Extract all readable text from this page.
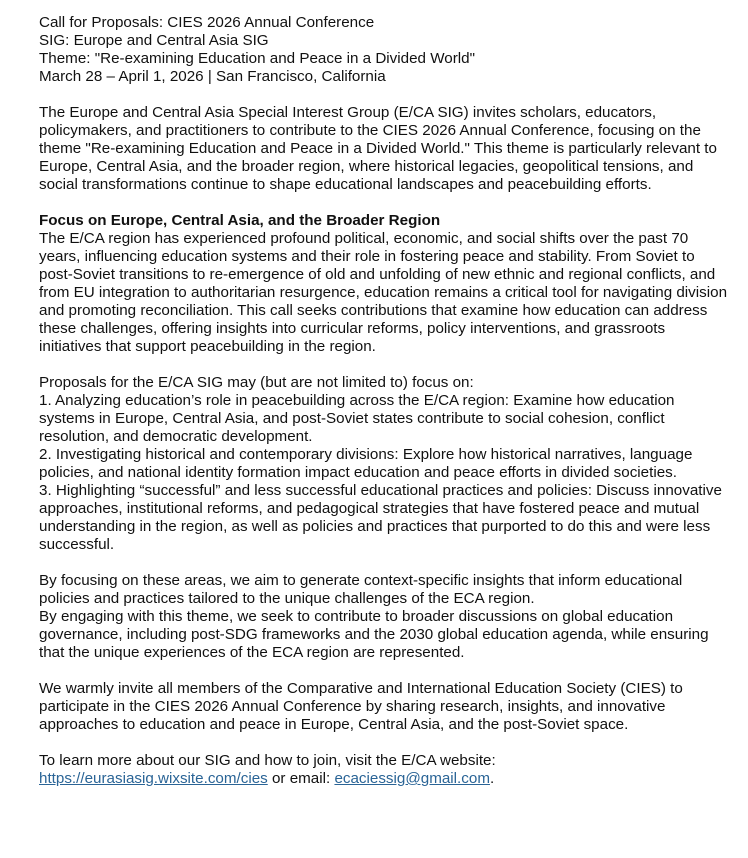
Call for Proposals: CIES 2026 Annual Conference

SIG: Europe and Central Asia SIG

Theme: "Re-examining Education and Peace in a Divided World"

March 28 – April 1, 2026 | San Francisco, California

The Europe and Central Asia Special Interest Group (E/CA SIG) invites scholars, educators, policymakers, and practitioners to contribute to the CIES 2026 Annual Conference, focusing on the theme "Re-examining Education and Peace in a Divided World." This theme is particularly relevant to Europe, Central Asia, and the broader region, where historical legacies, geopolitical tensions, and social transformations continue to shape educational landscapes and peacebuilding efforts.

Focus on Europe, Central Asia, and the Broader Region

The E/CA region has experienced profound political, economic, and social shifts over the past 70 years, influencing education systems and their role in fostering peace and stability. From Soviet to post-Soviet transitions to re-emergence of old and unfolding of new ethnic and regional conflicts, and from EU integration to authoritarian resurgence, education remains a critical tool for navigating division and promoting reconciliation. This call seeks contributions that examine how education can address these challenges, offering insights into curricular reforms, policy interventions, and grassroots initiatives that support peacebuilding in the region.

Proposals for the E/CA SIG may (but are not limited to) focus on:

1. Analyzing education’s role in peacebuilding across the E/CA region: Examine how education systems in Europe, Central Asia, and post-Soviet states contribute to social cohesion, conflict resolution, and democratic development.

2. Investigating historical and contemporary divisions: Explore how historical narratives, language policies, and national identity formation impact education and peace efforts in divided societies.

3. Highlighting “successful” and less successful educational practices and policies: Discuss innovative approaches, institutional reforms, and pedagogical strategies that have fostered peace and mutual understanding in the region, as well as policies and practices that purported to do this and were less successful.

By focusing on these areas, we aim to generate context-specific insights that inform educational policies and practices tailored to the unique challenges of the ECA region.

By engaging with this theme, we seek to contribute to broader discussions on global education governance, including post-SDG frameworks and the 2030 global education agenda, while ensuring that the unique experiences of the ECA region are represented.

We warmly invite all members of the Comparative and International Education Society (CIES) to participate in the CIES 2026 Annual Conference by sharing research, insights, and innovative approaches to education and peace in Europe, Central Asia, and the post-Soviet space.

To learn more about our SIG and how to join, visit the E/CA website:

https://eurasiasig.wixsite.com/cies or email: ecaciessig@gmail.com.
